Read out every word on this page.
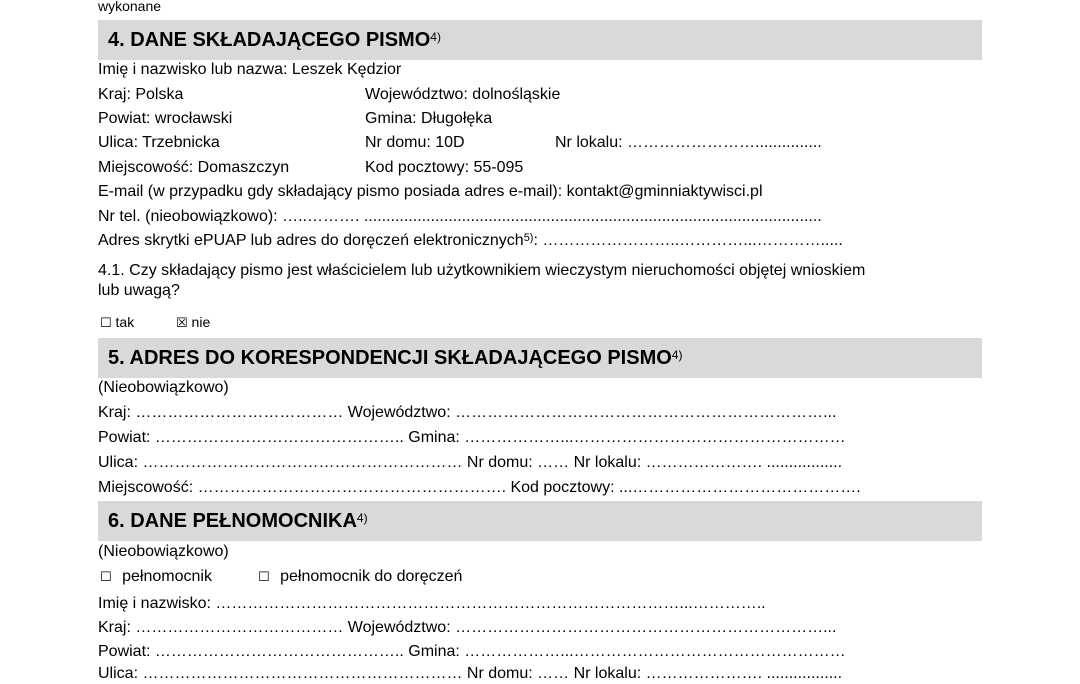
wykonane
4. DANE SKŁADAJĄCEGO PISMO$^{4)}$
Imię i nazwisko lub nazwa: Leszek Kędzior
Kraj: Polska	Województwo: dolnośląskie
Powiat: wrocławski	Gmina: Długołęka
Ulica: Trzebnicka	Nr domu: 10D	Nr lokalu: ……………………...............
Miejscowość: Domaszczyn	Kod pocztowy: 55-095
E-mail (w przypadku gdy składający pismo posiada adres e-mail): kontakt@gminniaktywisci.pl
Nr tel. (nieobowiązkowo): …..………. .......................................................................................................
Adres skrytki ePUAP lub adres do doręczeń elektronicznych$^{5)}$: ……………………..…………...………….....
4.1. Czy składający pismo jest właścicielem lub użytkownikiem wieczystym nieruchomości objętej wnioskiem
lub uwagą?
☐ tak	☒ nie
5. ADRES DO KORESPONDENCJI SKŁADAJĄCEGO PISMO$^{4)}$
(Nieobowiązkowo)
Kraj: ………………………………… Województwo: ……………………………………………………………...
Powiat: ……………………………………….. Gmina: ………………...……………………………………………
Ulica: …………………………………………………… Nr domu: …… Nr lokalu: …………………. .................
Miejscowość: …………………………………………………. Kod pocztowy: ...…………………………………….
6. DANE PEŁNOMOCNIKA$^{4)}$
(Nieobowiązkowo)
☐ pełnomocnik	☐ pełnomocnik do doręczeń
Imię i nazwisko: ……………………………………………………………………………...…………..
Kraj: ………………………………… Województwo: ……………………………………………………………...
Powiat: ……………………………………….. Gmina: ………………...……………………………………………
Ulica: …………………………………………………… Nr domu: …… Nr lokalu: …………………. .................
